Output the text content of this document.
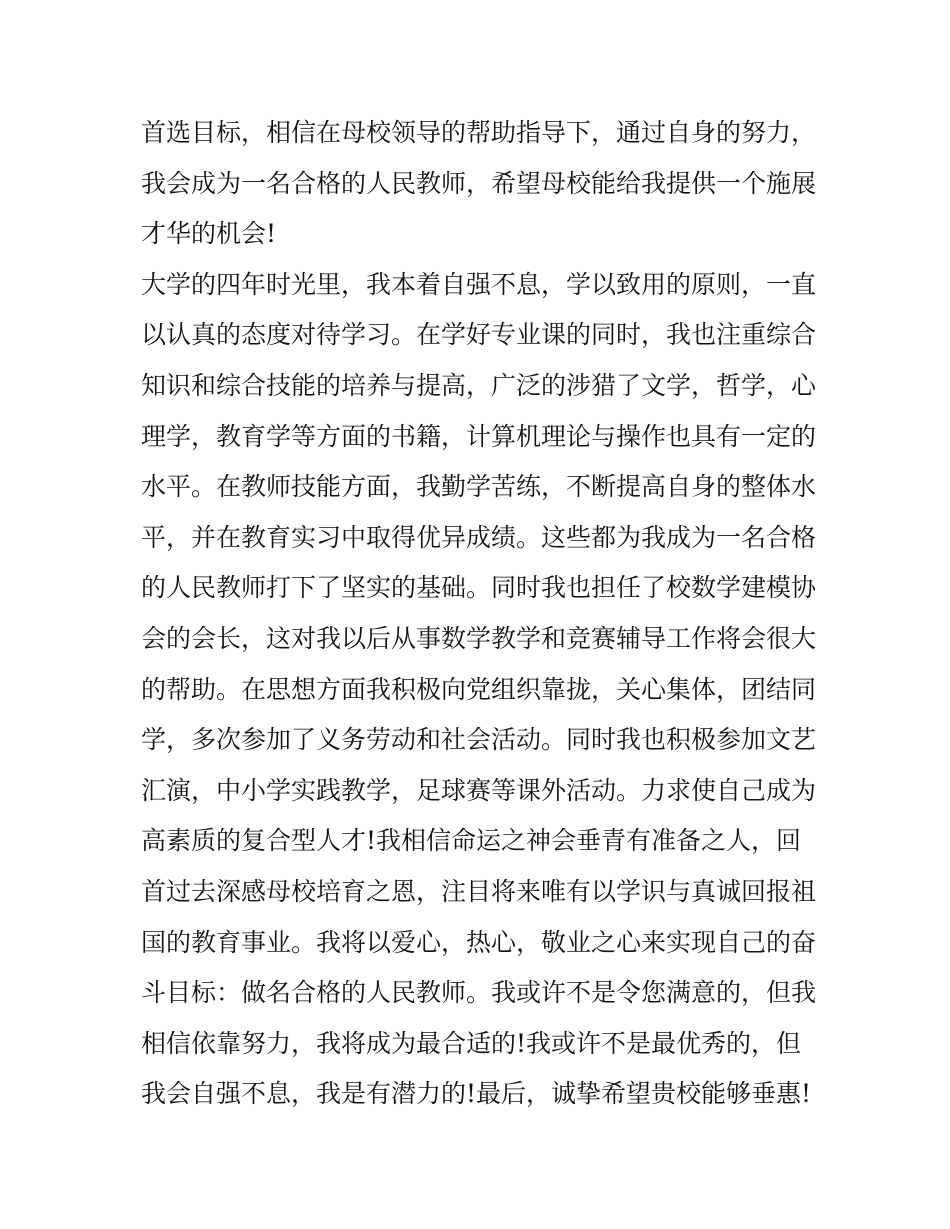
首选目标，相信在母校领导的帮助指导下，通过自身的努力，
我会成为一名合格的人民教师，希望母校能给我提供一个施展
才华的机会!
大学的四年时光里，我本着自强不息，学以致用的原则，一直
以认真的态度对待学习。在学好专业课的同时，我也注重综合
知识和综合技能的培养与提高，广泛的涉猎了文学，哲学，心
理学，教育学等方面的书籍，计算机理论与操作也具有一定的
水平。在教师技能方面，我勤学苦练，不断提高自身的整体水
平，并在教育实习中取得优异成绩。这些都为我成为一名合格
的人民教师打下了坚实的基础。同时我也担任了校数学建模协
会的会长，这对我以后从事数学教学和竞赛辅导工作将会很大
的帮助。在思想方面我积极向党组织靠拢，关心集体，团结同
学，多次参加了义务劳动和社会活动。同时我也积极参加文艺
汇演，中小学实践教学，足球赛等课外活动。力求使自己成为
高素质的复合型人才!我相信命运之神会垂青有准备之人，回
首过去深感母校培育之恩，注目将来唯有以学识与真诚回报祖
国的教育事业。我将以爱心，热心，敬业之心来实现自己的奋
斗目标：做名合格的人民教师。我或许不是令您满意的，但我
相信依靠努力，我将成为最合适的!我或许不是最优秀的，但
我会自强不息，我是有潜力的!最后，诚挚希望贵校能够垂惠!
